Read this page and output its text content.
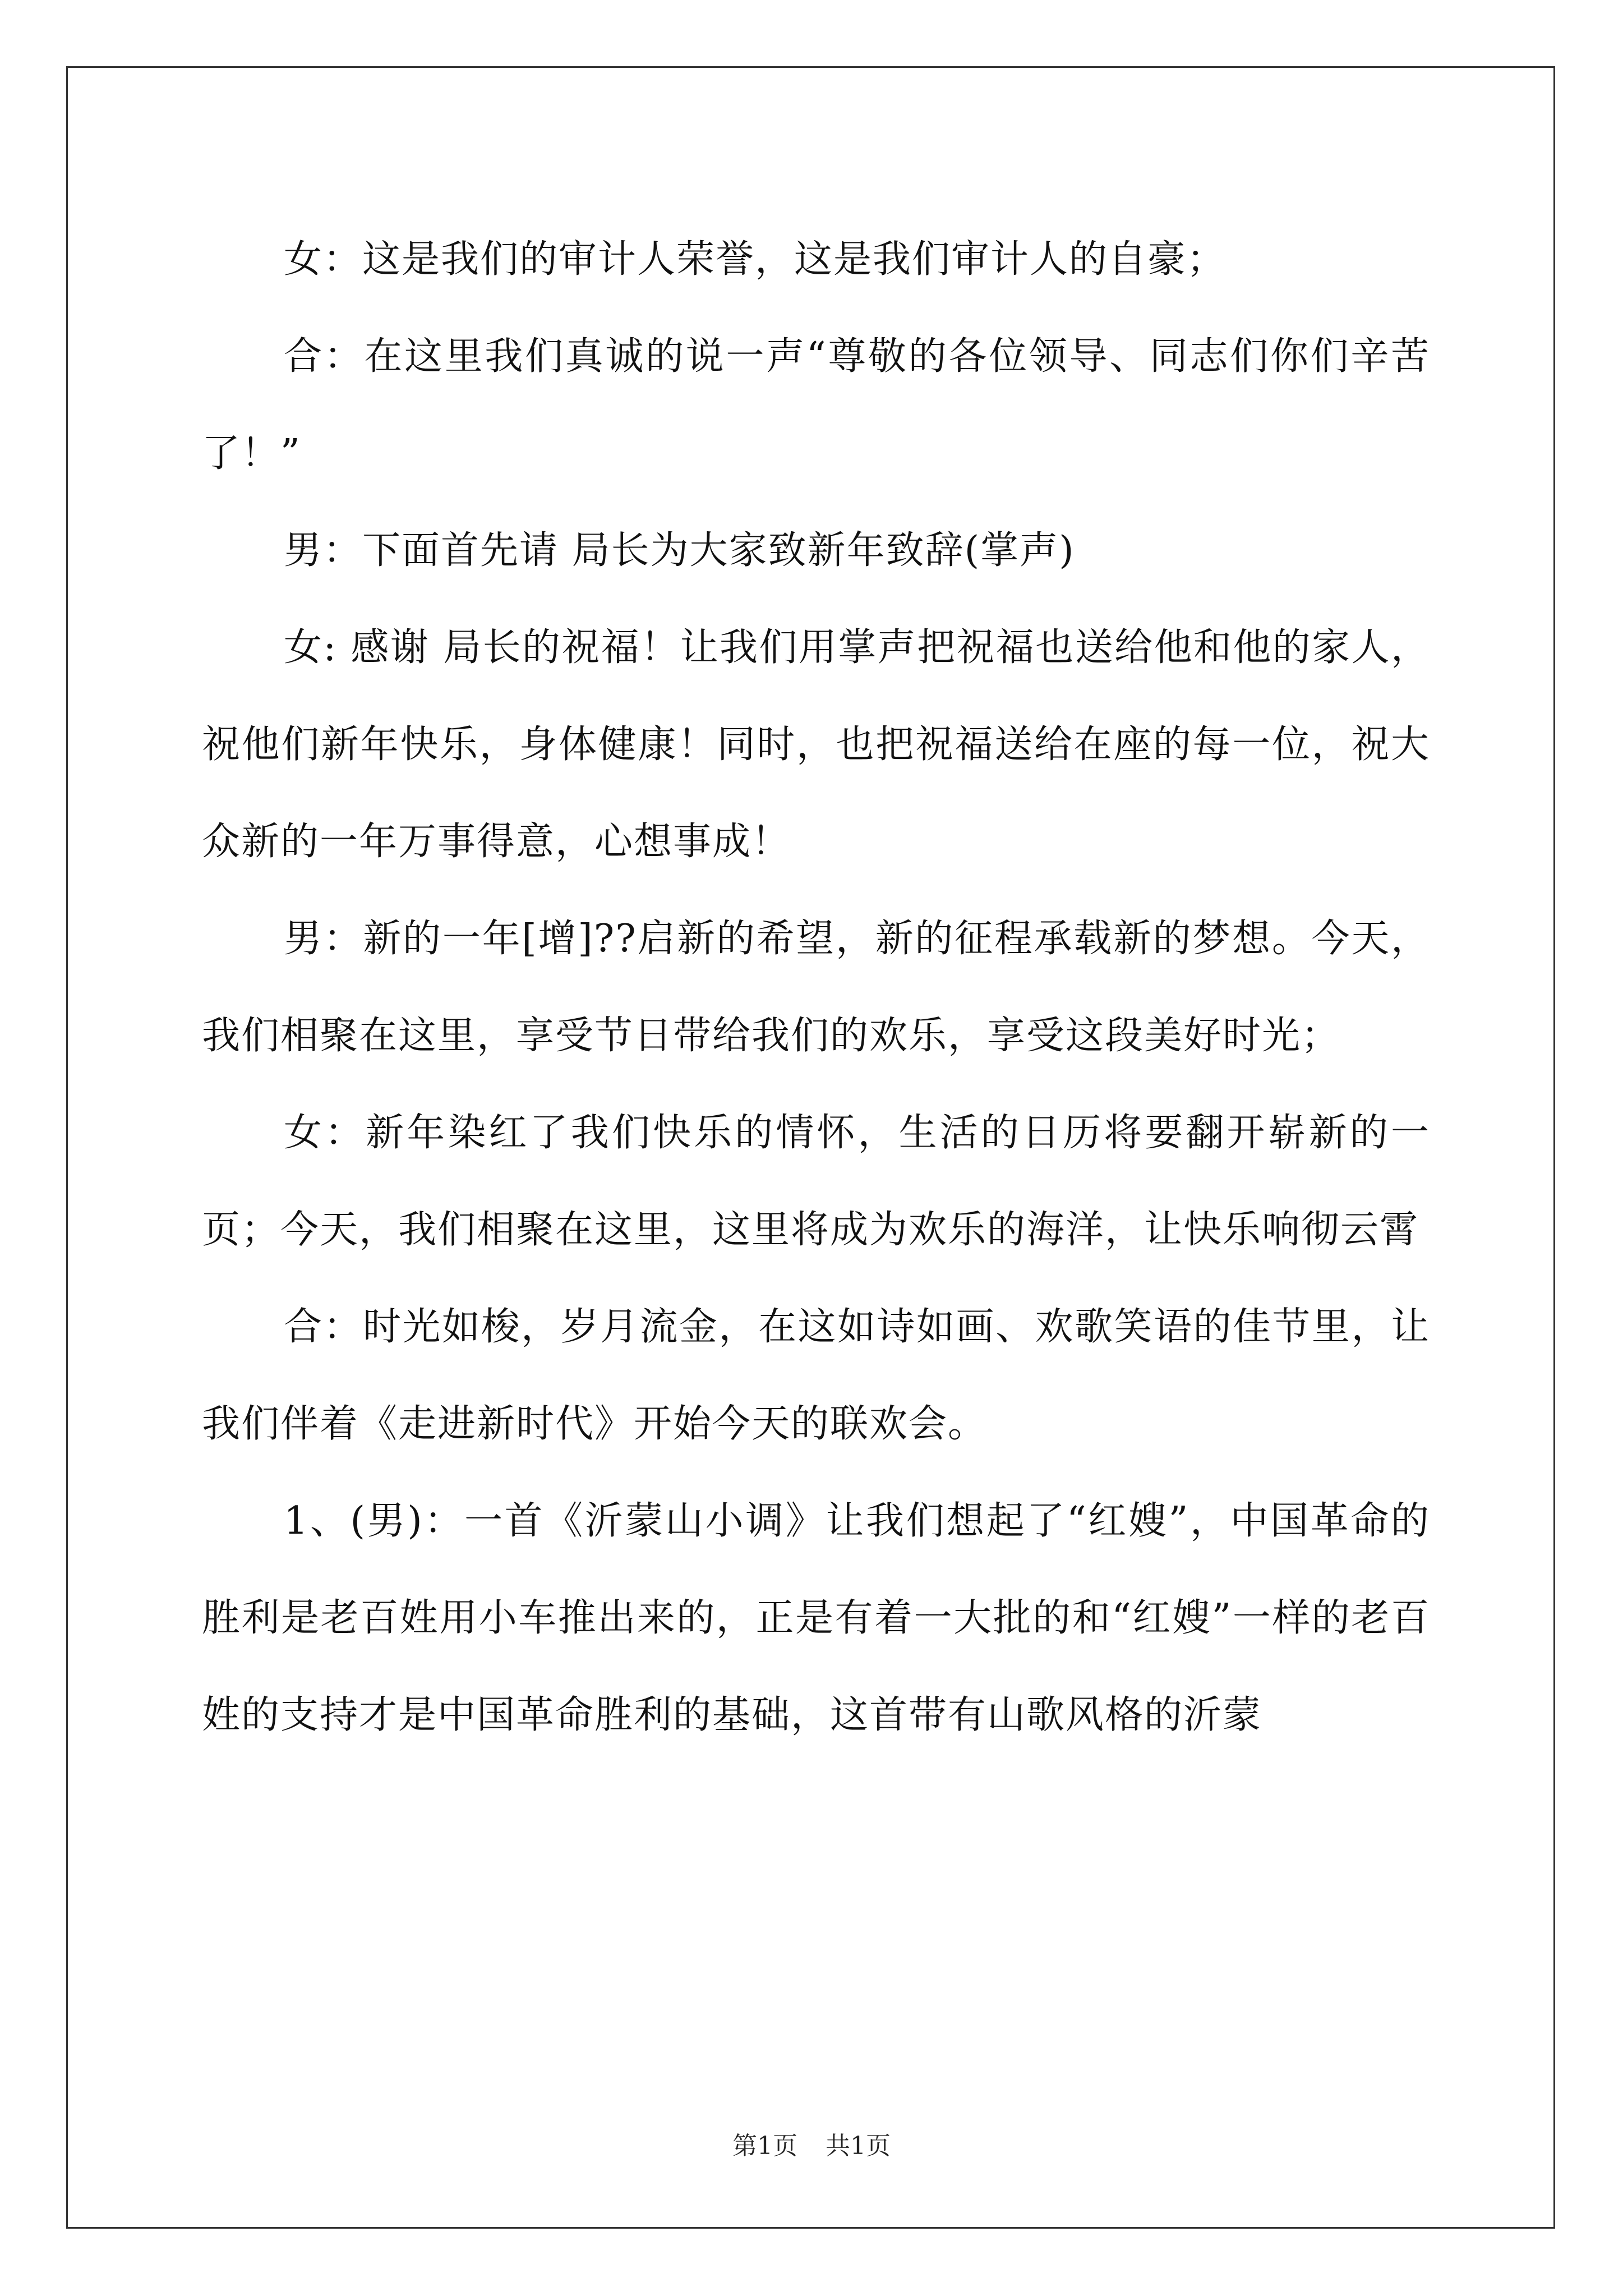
女：这是我们的审计人荣誉，这是我们审计人的自豪；

合：在这里我们真诚的说一声“尊敬的各位领导、同志们你们辛苦了！”

男：下面首先请 局长为大家致新年致辞(掌声)

女: 感谢 局长的祝福！让我们用掌声把祝福也送给他和他的家人，祝他们新年快乐，身体健康！同时，也把祝福送给在座的每一位，祝大众新的一年万事得意，心想事成！

男：新的一年[增]??启新的希望，新的征程承载新的梦想。今天，我们相聚在这里，享受节日带给我们的欢乐，享受这段美好时光；

女：新年染红了我们快乐的情怀，生活的日历将要翻开崭新的一页；今天，我们相聚在这里，这里将成为欢乐的海洋，让快乐响彻云霄

合：时光如梭，岁月流金，在这如诗如画、欢歌笑语的佳节里，让我们伴着《走进新时代》开始今天的联欢会。

1、(男)：一首《沂蒙山小调》让我们想起了“红嫂”，中国革命的胜利是老百姓用小车推出来的，正是有着一大批的和“红嫂”一样的老百姓的支持才是中国革命胜利的基础，这首带有山歌风格的沂蒙

第1页 共1页
